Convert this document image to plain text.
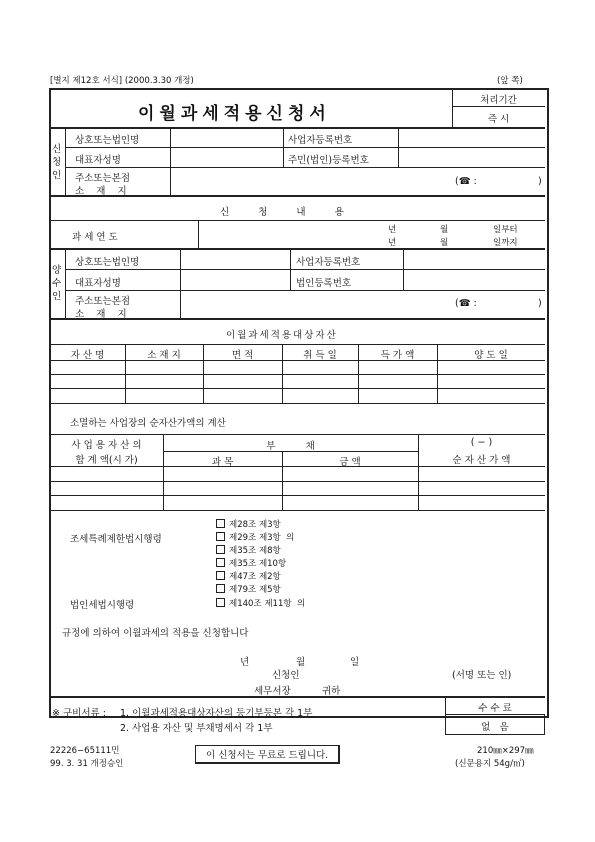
[별지 제12호 서식] (2000.3.30 개정)	(앞 쪽)
이월과세적용신청서
처리기간
즉 시
신
청
인
상호또는법인명	사업자등록번호
대표자성명	주민(법인)등록번호
주소또는본점
소    재    지
(☎ :	)
신 청 내 용
과 세 연 도
년	월	일부터
년	월	일까지
양
수
인
상호또는법인명	사업자등록번호
대표자성명	법인등록번호
주소또는본점
소    재    지
(☎ :	)
이월과세적용대상자산
자 산 명	소 재 지	면 적	취 득 일	득 가 액	양 도 일
소멸하는 사업장의 순자산가액의 계산
사 업 용 자 산 의
합 계 액(시 가)
부          채
과 목	금 액
( − )
순 자 산 가 액
조세특례제한법시행령
법인세법시행령
제28조 제3항
제29조 제3항  의
제35조 제8항
제35조 제10항
제47조 제2항
제79조 제5항
제140조 제11항  의
규정에 의하여 이월과세의 적용을 신청합니다
년	월	일
신청인	(서명 또는 인)
세무서장	귀하
수 수 료
없   음
※ 구비서류 : 1. 이월과세적용대상자산의 등기부등본 각 1부
2. 사업용 자산 및 부채명세서 각 1부
22226−65111민
99. 3. 31 개정승인
이 신청서는 무료로 드립니다.	210㎜×297㎜
(신문용지 54g/㎡)
